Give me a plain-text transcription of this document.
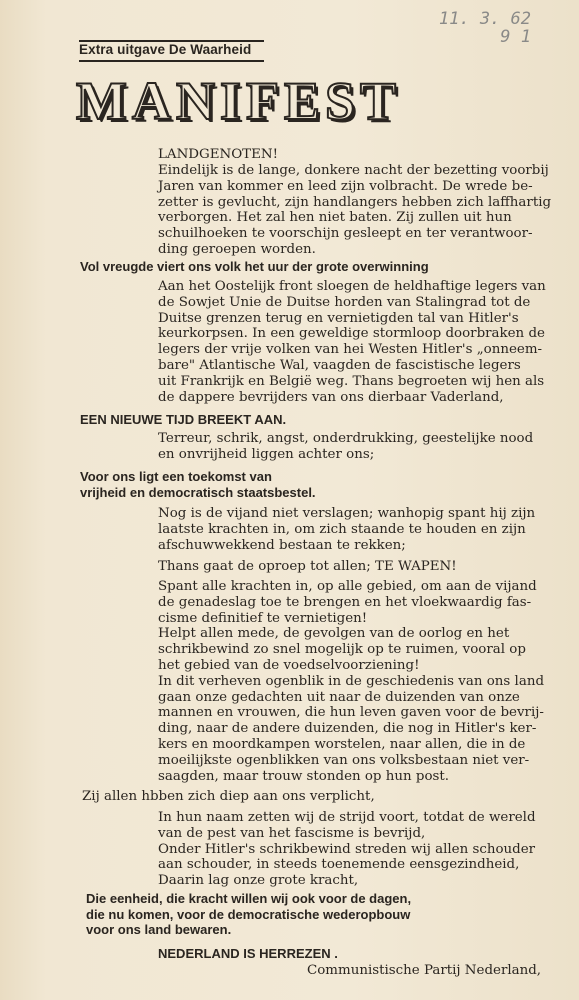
11. 3. 62
9 1
Extra uitgave De Waarheid
MANIFEST
LANDGENOTEN!
Eindelijk is de lange, donkere nacht der bezetting voorbij
Jaren van kommer en leed zijn volbracht. De wrede be-
zetter is gevlucht, zijn handlangers hebben zich laffhartig
verborgen. Het zal hen niet baten. Zij zullen uit hun
schuilhoeken te voorschijn gesleept en ter verantwoor-
ding geroepen worden.
Vol vreugde viert ons volk het uur der grote overwinning
Aan het Oostelijk front sloegen de heldhaftige legers van
de Sowjet Unie de Duitse horden van Stalingrad tot de
Duitse grenzen terug en vernietigden tal van Hitler's
keurkorpsen. In een geweldige stormloop doorbraken de
legers der vrije volken van hei Westen Hitler's „onneem-
bare" Atlantische Wal, vaagden de fascistische legers
uit Frankrijk en België weg. Thans begroeten wij hen als
de dappere bevrijders van ons dierbaar Vaderland,
EEN NIEUWE TIJD BREEKT AAN.
Terreur, schrik, angst, onderdrukking, geestelijke nood
en onvrijheid liggen achter ons;
Voor ons ligt een toekomst van
vrijheid en democratisch staatsbestel.
Nog is de vijand niet verslagen; wanhopig spant hij zijn
laatste krachten in, om zich staande te houden en zijn
afschuwwekkend bestaan te rekken;
Thans gaat de oproep tot allen; TE WAPEN!
Spant alle krachten in, op alle gebied, om aan de vijand
de genadeslag toe te brengen en het vloekwaardig fas-
cisme definitief te vernietigen!
Helpt allen mede, de gevolgen van de oorlog en het
schrikbewind zo snel mogelijk op te ruimen, vooral op
het gebied van de voedselvoorziening!
In dit verheven ogenblik in de geschiedenis van ons land
gaan onze gedachten uit naar de duizenden van onze
mannen en vrouwen, die hun leven gaven voor de bevrij-
ding, naar de andere duizenden, die nog in Hitler's ker-
kers en moordkampen worstelen, naar allen, die in de
moeilijkste ogenblikken van ons volksbestaan niet ver-
saagden, maar trouw stonden op hun post.
Zij allen hbben zich diep aan ons verplicht,
In hun naam zetten wij de strijd voort, totdat de wereld
van de pest van het fascisme is bevrijd,
Onder Hitler's schrikbewind streden wij allen schouder
aan schouder, in steeds toenemende eensgezindheid,
Daarin lag onze grote kracht,
Die eenheid, die kracht willen wij ook voor de dagen,
die nu komen, voor de democratische wederopbouw
voor ons land bewaren.
NEDERLAND IS HERREZEN .
Communistische Partij Nederland,
